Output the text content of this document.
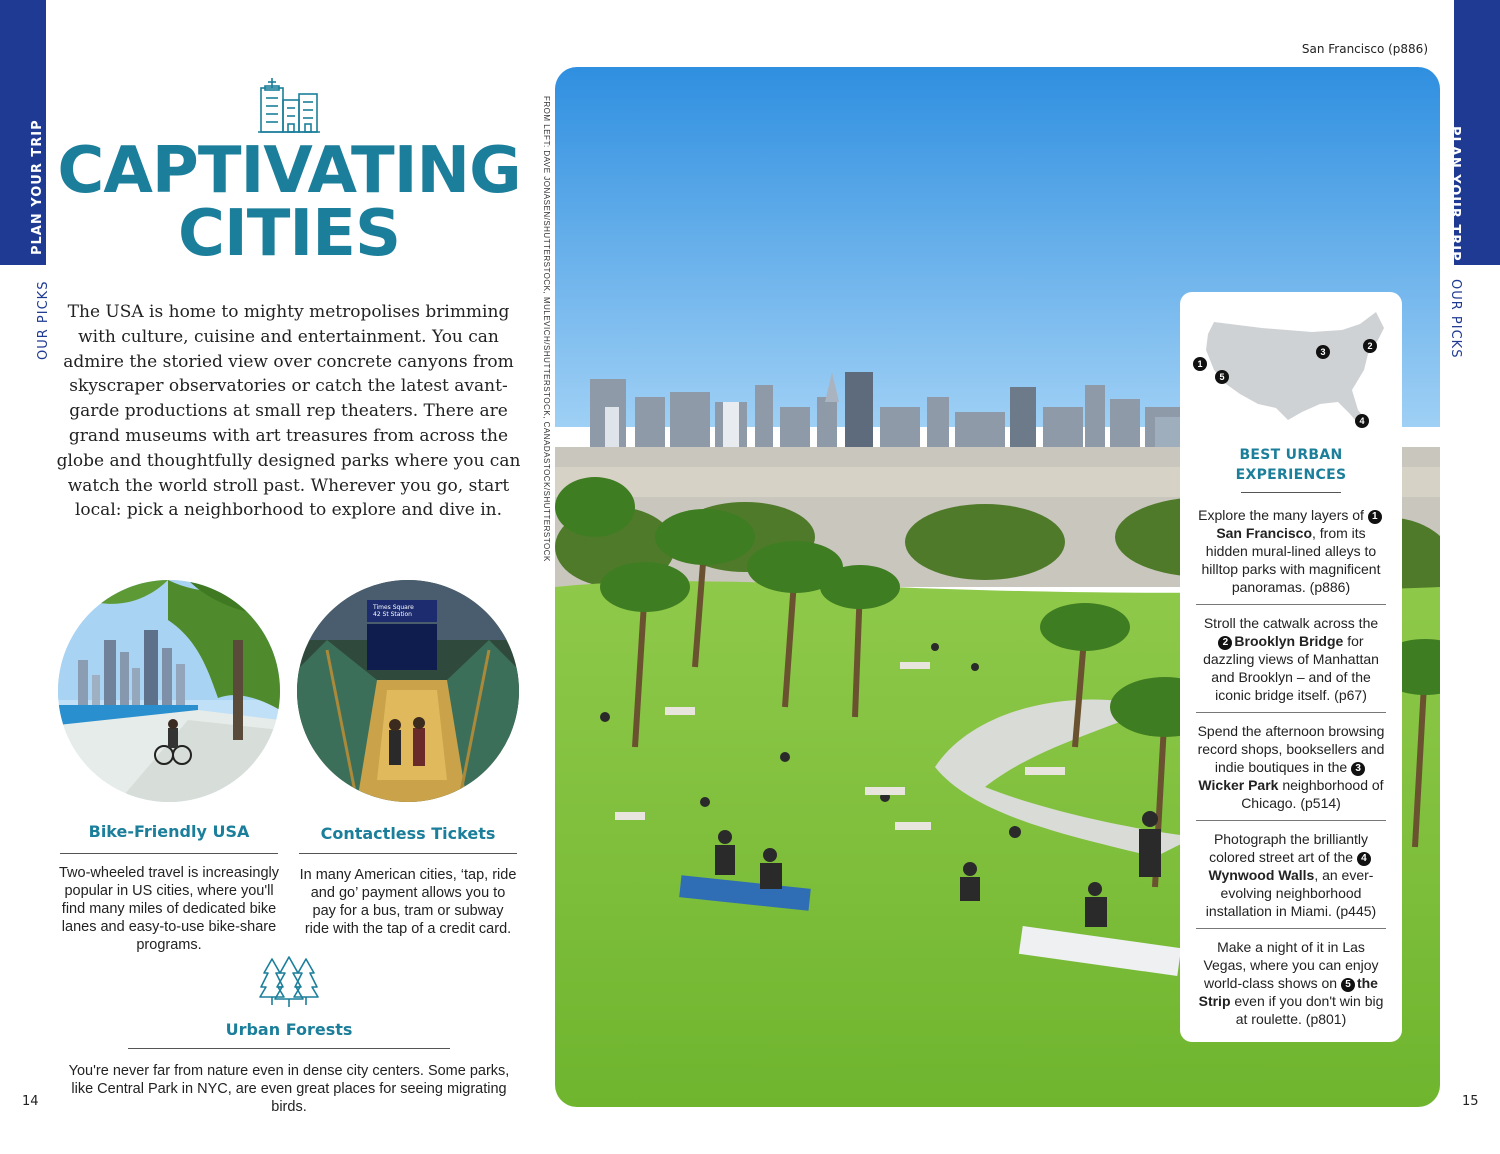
PLAN YOUR TRIP
OUR PICKS
PLAN YOUR TRIP
OUR PICKS
14	15
CAPTIVATING
CITIES

The USA is home to mighty metropolises brimming with culture, cuisine and entertainment. You can admire the storied view over concrete canyons from skyscraper observatories or catch the latest avant-garde productions at small rep theaters. There are grand museums with art treasures from across the globe and thoughtfully designed parks where you can watch the world stroll past. Wherever you go, start local: pick a neighborhood to explore and dive in.

Times Square
42 St Station
Bike-Friendly USA
Two-wheeled travel is increasingly popular in US cities, where you'll find many miles of dedicated bike lanes and easy-to-use bike-share programs.
Contactless Tickets
In many American cities, ‘tap, ride and go’ payment allows you to pay for a bus, tram or subway ride with the tap of a credit card.
Urban Forests
You're never far from nature even in dense city centers. Some parks, like Central Park in NYC, are even great places for seeing migrating birds.
FROM LEFT: DAVE JONASEN/SHUTTERSTOCK, MULEVICH/SHUTTERSTOCK, CANADASTOCK/SHUTTERSTOCK
San Francisco (p886)
1
2
3
4
5
BEST URBAN
EXPERIENCES
Explore the many layers of 1San Francisco, from its hidden mural-lined alleys to hilltop parks with magnificent panoramas. (p886)
Stroll the catwalk across the 2 Brooklyn Bridge for dazzling views of Manhattan and Brooklyn – and of the iconic bridge itself. (p67)
Spend the afternoon browsing record shops, booksellers and indie boutiques in the 3Wicker Park neighborhood of Chicago. (p514)
Photograph the brilliantly colored street art of the 4Wynwood Walls, an ever-evolving neighborhood installation in Miami. (p445)
Make a night of it in Las Vegas, where you can enjoy world-class shows on 5 the Strip even if you don't win big at roulette. (p801)
